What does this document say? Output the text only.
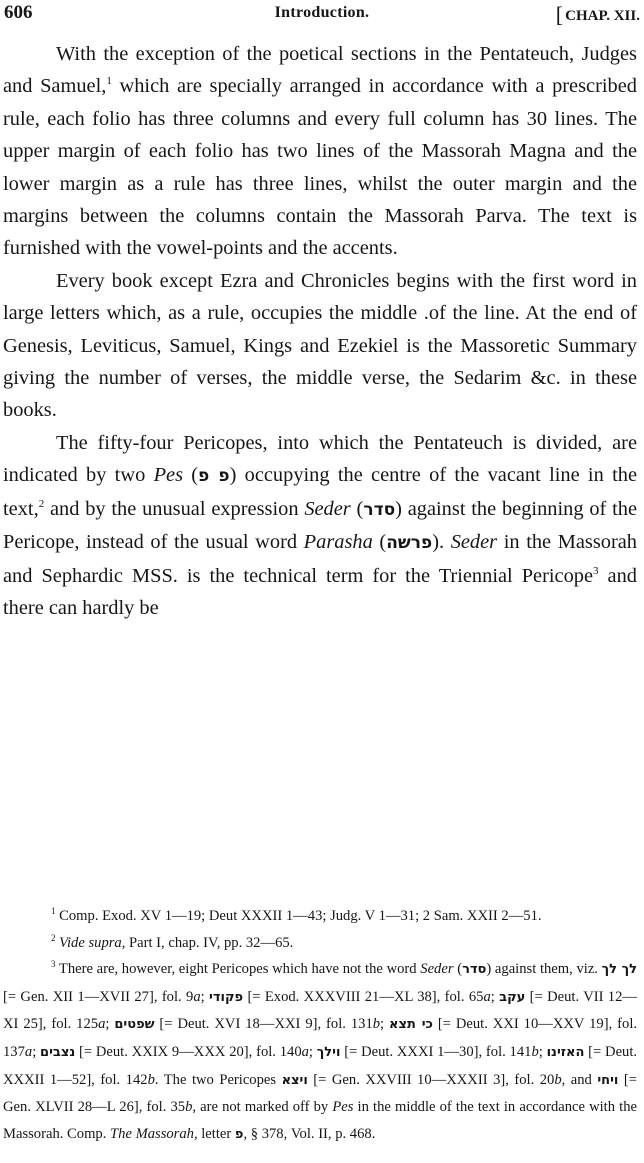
606	Introduction.	[ CHAP. XII.

With the exception of the poetical sections in the Pentateuch, Judges and Samuel,$^1$ which are specially arranged in accordance with a prescribed rule, each folio has three columns and every full column has 30 lines. The upper margin of each folio has two lines of the Massorah Magna and the lower margin as a rule has three lines, whilst the outer margin and the margins between the columns contain the Massorah Parva. The text is furnished with the vowel-points and the accents.

Every book except Ezra and Chronicles begins with the first word in large letters which, as a rule, occupies the middle .of the line. At the end of Genesis, Leviticus, Samuel, Kings and Ezekiel is the Massoretic Summary giving the number of verses, the middle verse, the Sedarim &c. in these books.

The fifty-four Pericopes, into which the Pentateuch is divided, are indicated by two Pes (פ פ) occupying the centre of the vacant line in the text,$^2$ and by the unusual expression Seder (סדר) against the beginning of the Pericope, instead of the usual word Parasha (פרשה). Seder in the Massorah and Sephardic MSS. is the technical term for the Triennial Pericope$^3$ and there can hardly be

$^1$ Comp. Exod. XV 1—19; Deut XXXII 1—43; Judg. V 1—31; 2 Sam. XXII 2—51.

$^2$ Vide supra, Part I, chap. IV, pp. 32—65.

$^3$ There are, however, eight Pericopes which have not the word Seder (סדר) against them, viz. לך לך [= Gen. XII 1—XVII 27], fol. 9a; פקודי [= Exod. XXXVIII 21—XL 38], fol. 65a; עקב [= Deut. VII 12—XI 25], fol. 125a; שפטים [= Deut. XVI 18—XXI 9], fol. 131b; כי תצא [= Deut. XXI 10—XXV 19], fol. 137a; נצבים [= Deut. XXIX 9—XXX 20], fol. 140a; וילך [= Deut. XXXI 1—30], fol. 141b; האזינו [= Deut. XXXII 1—52], fol. 142b. The two Pericopes ויצא [= Gen. XXVIII 10—XXXII 3], fol. 20b, and ויחי [= Gen. XLVII 28—L 26], fol. 35b, are not marked off by Pes in the middle of the text in accordance with the Massorah. Comp. The Massorah, letter פ, § 378, Vol. II, p. 468.
